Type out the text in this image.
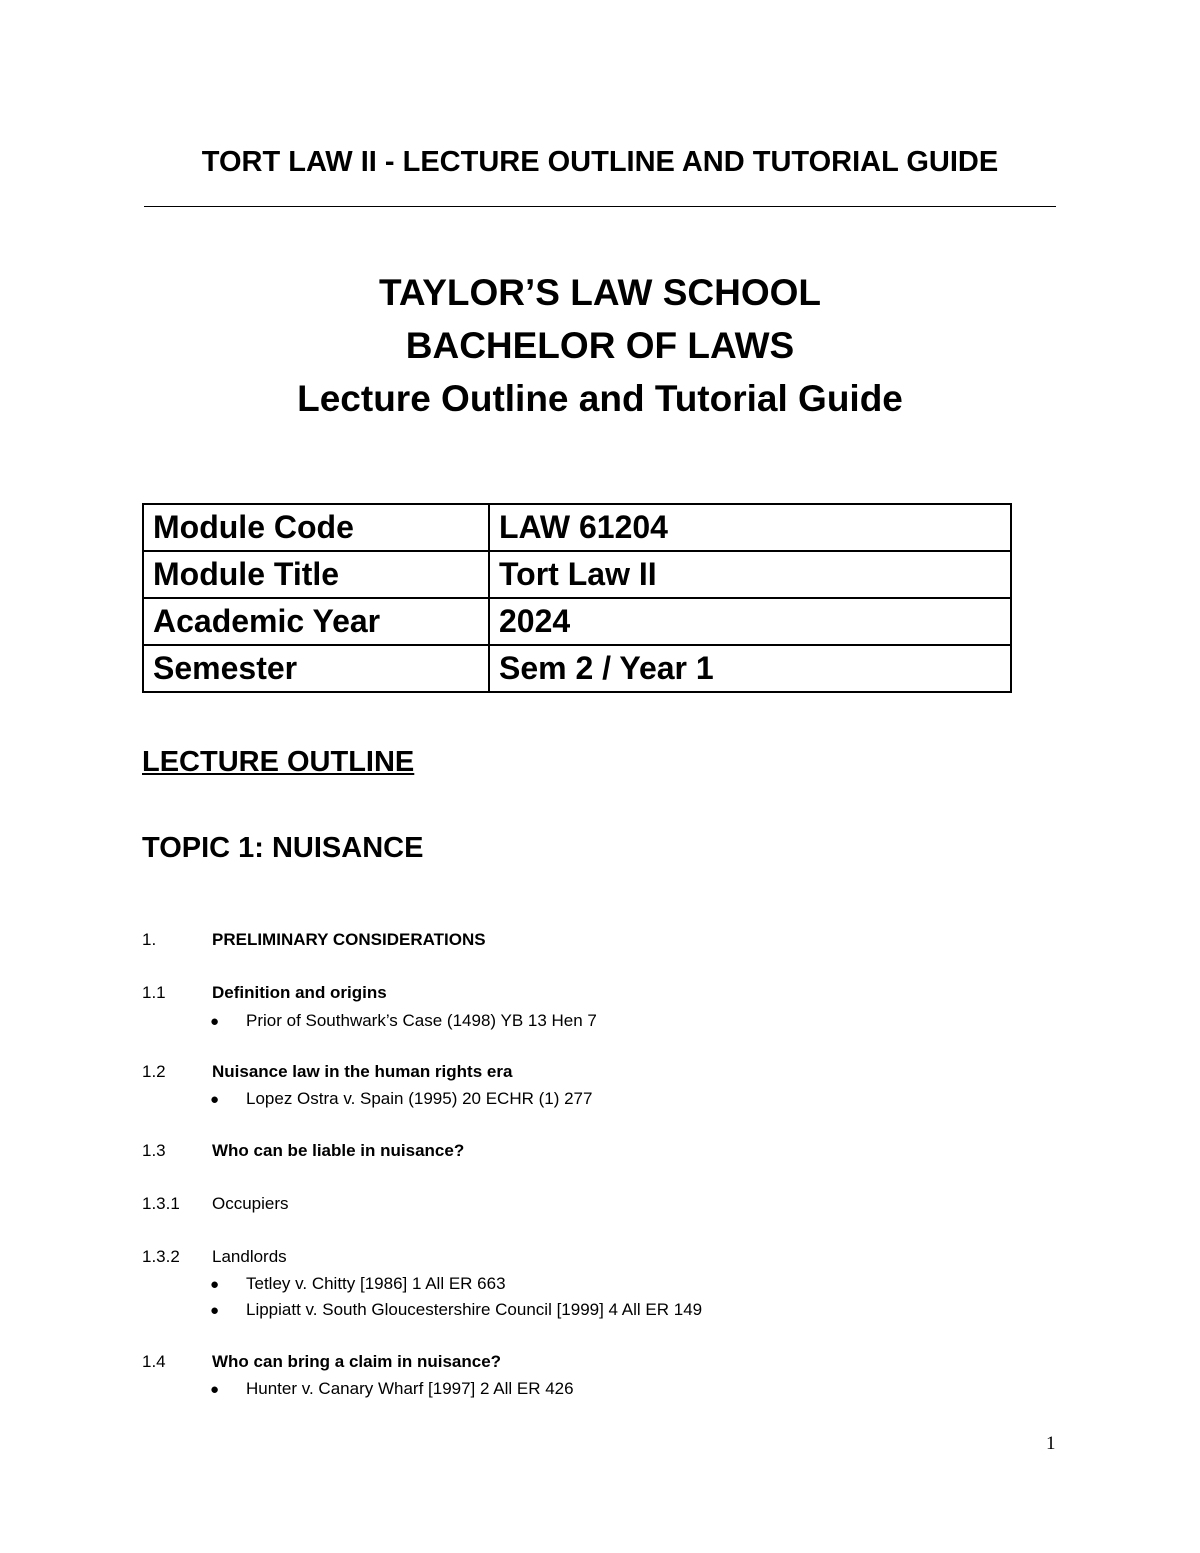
TORT LAW II - LECTURE OUTLINE AND TUTORIAL GUIDE
TAYLOR’S LAW SCHOOL
BACHELOR OF LAWS
Lecture Outline and Tutorial Guide
Module Code	LAW 61204
Module Title	Tort Law II
Academic Year	2024
Semester	Sem 2 / Year 1
LECTURE OUTLINE
TOPIC 1: NUISANCE
1.	PRELIMINARY CONSIDERATIONS
1.1	Definition and origins
● Prior of Southwark’s Case (1498) YB 13 Hen 7
1.2	Nuisance law in the human rights era
● Lopez Ostra v. Spain (1995) 20 ECHR (1) 277
1.3	Who can be liable in nuisance?
1.3.1 Occupiers
1.3.2 Landlords
● Tetley v. Chitty [1986] 1 All ER 663
● Lippiatt v. South Gloucestershire Council [1999] 4 All ER 149
1.4	Who can bring a claim in nuisance?
● Hunter v. Canary Wharf [1997] 2 All ER 426
1
